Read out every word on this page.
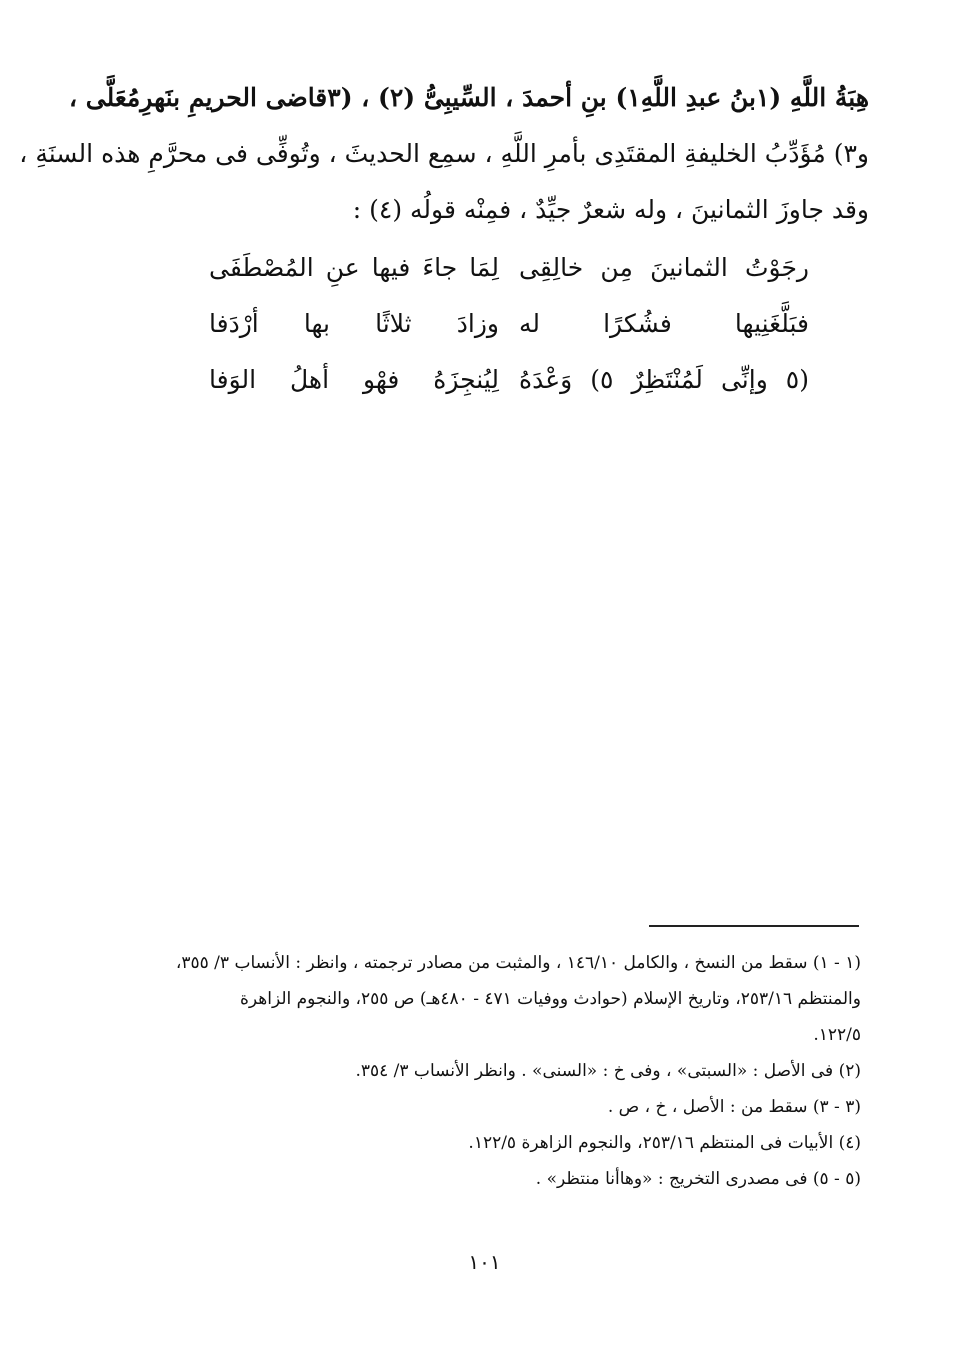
هِبَةُ اللَّهِ (١بنُ عبدِ اللَّهِ١) بنِ أحمدَ ، السِّيبِىُّ (٢) ، (٣قاضى الحريمِ بنَهرِمُعَلَّى ،
و٣) مُؤَدِّبُ الخليفةِ المقتَدِى بأمرِ اللَّهِ ، سمِع الحديثَ ، وتُوفِّى فى محرَّمِ هذه السنَةِ ،
وقد جاوزَ الثمانينَ ، وله شعرٌ جيِّدٌ ، فمِنْه قولُه (٤) :
رجَوْتُ الثمانينَ مِن خالِقِى
لِمَا جاءَ فيها عنِ المُصْطَفَى
فبَلَّغَنِيها فشُكرًا له
وزادَ ثلاثًا بها أرْدَفا
(٥ وإنِّى لَمُنْتَظِرٌ ٥) وَعْدَهُ
لِيُنجِزَهُ فهْو أهلُ الوَفا
(١ - ١) سقط من النسخ ، والكامل ١٤٦/١٠ ، والمثبت من مصادر ترجمته ، وانظر : الأنساب ٣/ ٣٥٥،
والمنتظم ٢٥٣/١٦، وتاريخ الإسلام (حوادث ووفيات ٤٧١ - ٤٨٠هـ) ص ٢٥٥، والنجوم الزاهرة
١٢٢/٥.
(٢) فى الأصل : «السبتى» ، وفى خ : «السنى» . وانظر الأنساب ٣/ ٣٥٤.
(٣ - ٣) سقط من : الأصل ، خ ، ص .
(٤) الأبيات فى المنتظم ٢٥٣/١٦، والنجوم الزاهرة ١٢٢/٥.
(٥ - ٥) فى مصدرى التخريج : «وهاأنا منتظر» .
١٠١
